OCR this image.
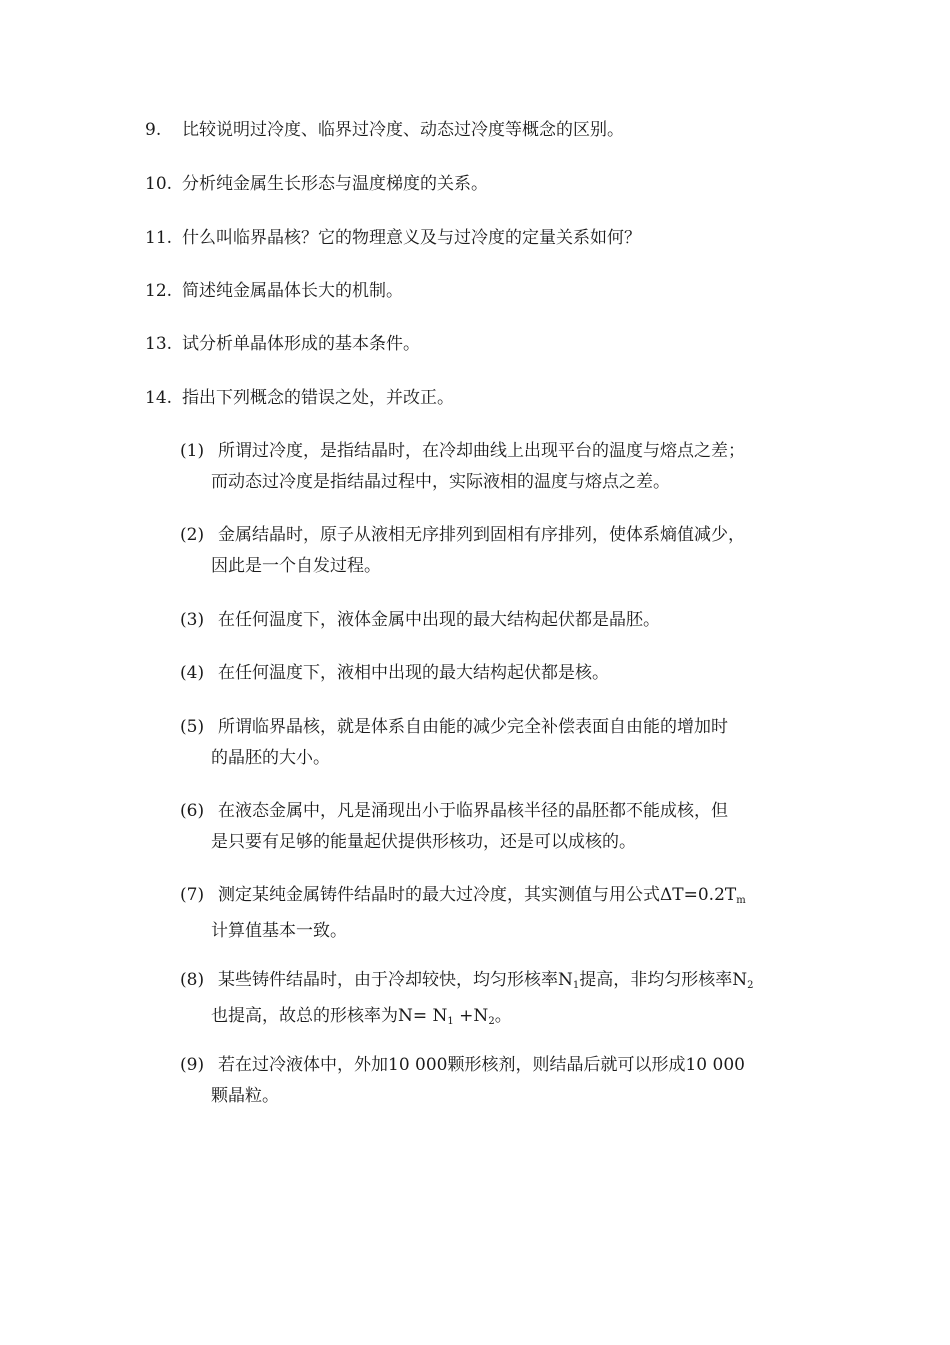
9. 比较说明过冷度、临界过冷度、动态过冷度等概念的区别。
10. 分析纯金属生长形态与温度梯度的关系。
11. 什么叫临界晶核？它的物理意义及与过冷度的定量关系如何？
12. 简述纯金属晶体长大的机制。
13. 试分析单晶体形成的基本条件。
14. 指出下列概念的错误之处，并改正。
(1) 所谓过冷度，是指结晶时，在冷却曲线上出现平台的温度与熔点之差；
而动态过冷度是指结晶过程中，实际液相的温度与熔点之差。
(2) 金属结晶时，原子从液相无序排列到固相有序排列，使体系熵值减少，
因此是一个自发过程。
(3) 在任何温度下，液体金属中出现的最大结构起伏都是晶胚。
(4) 在任何温度下，液相中出现的最大结构起伏都是核。
(5) 所谓临界晶核，就是体系自由能的减少完全补偿表面自由能的增加时
的晶胚的大小。
(6) 在液态金属中，凡是涌现出小于临界晶核半径的晶胚都不能成核，但
是只要有足够的能量起伏提供形核功，还是可以成核的。
(7) 测定某纯金属铸件结晶时的最大过冷度，其实测值与用公式ΔT=0.2Tm
计算值基本一致。
(8) 某些铸件结晶时，由于冷却较快，均匀形核率N1提高，非均匀形核率N2
也提高，故总的形核率为N= N1 +N2。
(9) 若在过冷液体中，外加10 000颗形核剂，则结晶后就可以形成10 000
颗晶粒。
